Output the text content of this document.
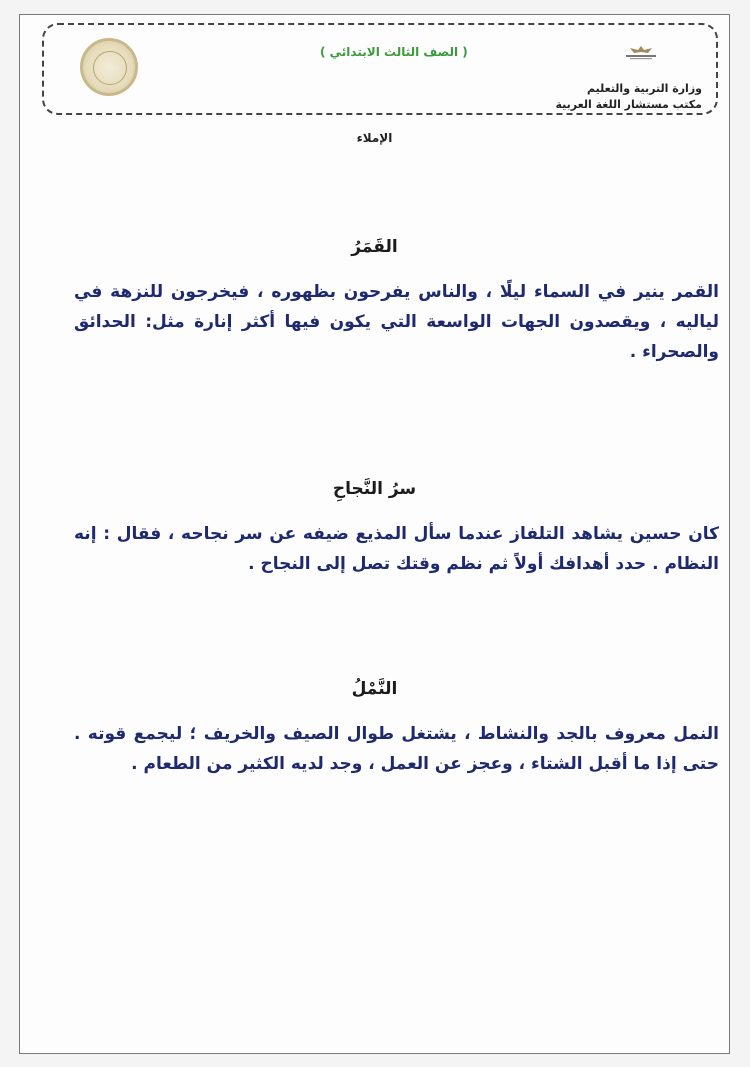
( الصف الثالث الابتدائي )
وزارة التربية والتعليم
مكتب مستشار اللغة العربية
الإملاء
القَمَرُ
القمر ينير في السماء ليلًا ، والناس يفرحون بظهوره ، فيخرجون للنزهة في لياليه ، ويقصدون الجهات الواسعة التي يكون فيها أكثر إنارة مثل: الحدائق والصحراء .
سرُ النَّجاحِ
كان حسين يشاهد التلفاز عندما سأل المذيع ضيفه عن سر نجاحه ، فقال : إنه النظام . حدد أهدافك أولاً ثم نظم وقتك تصل إلى النجاح .
النَّمْلُ
النمل معروف بالجد والنشاط ، يشتغل طوال الصيف والخريف ؛ ليجمع قوته . حتى إذا ما أقبل الشتاء ، وعجز عن العمل ، وجد لديه الكثير من الطعام .
